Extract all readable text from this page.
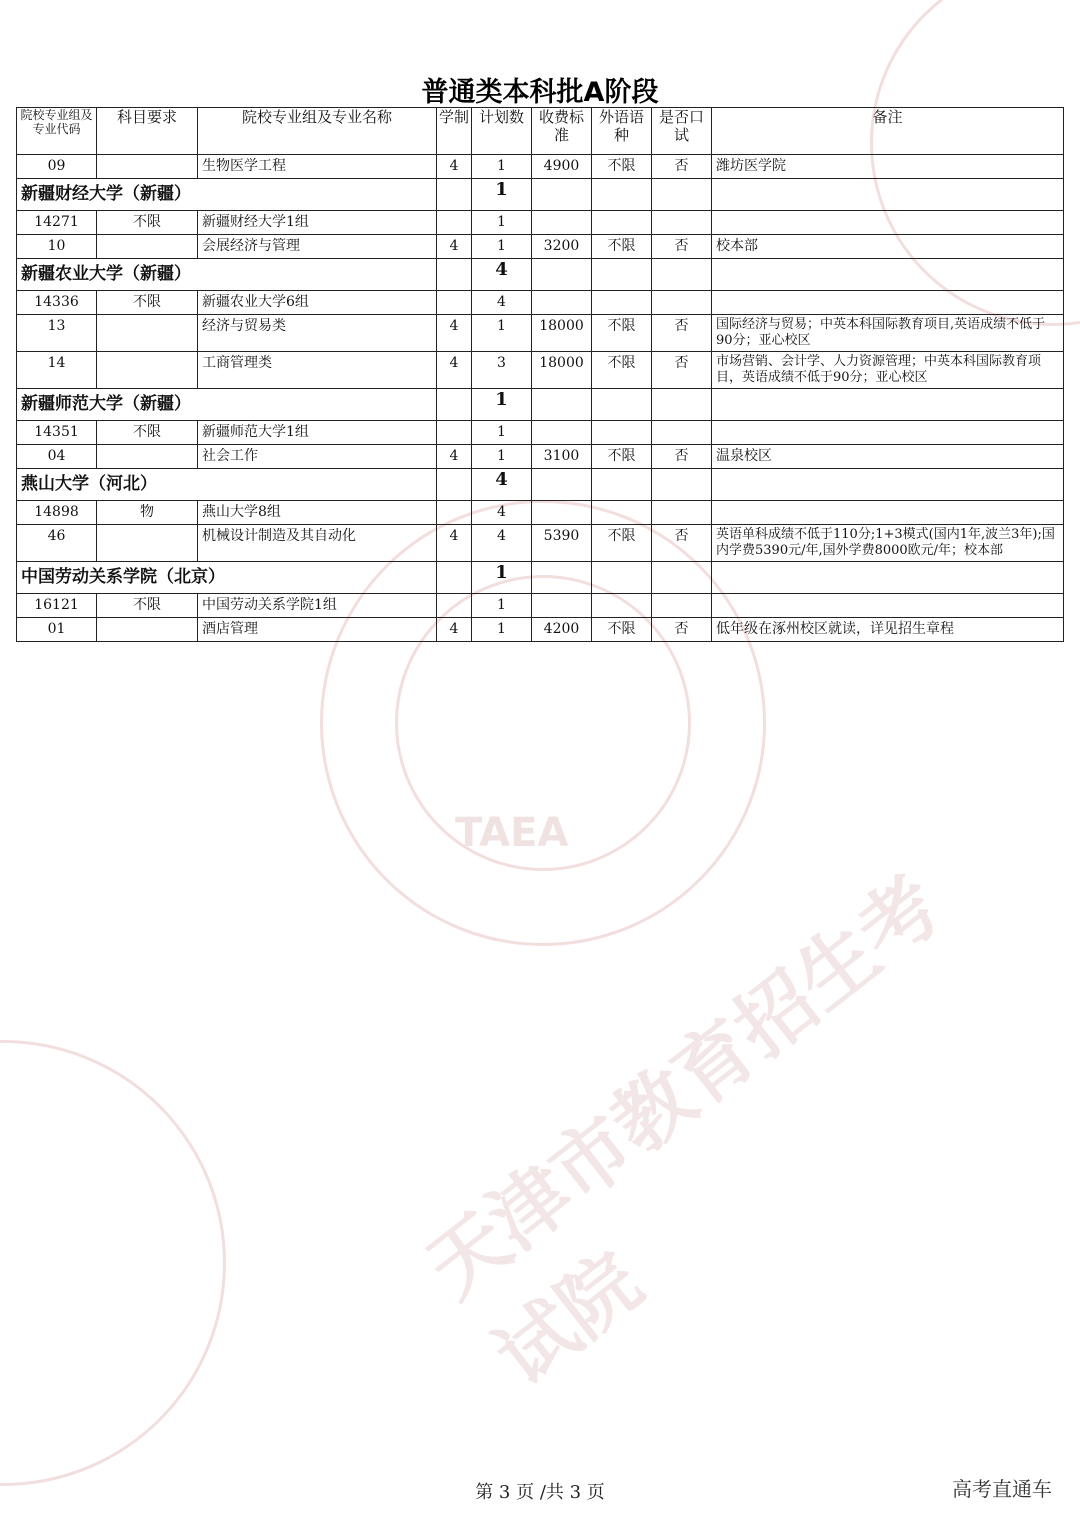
TAEA
天津市教育招生考试院
普通类本科批A阶段
院校专业组及专业代码	科目要求	院校专业组及专业名称	学制	计划数	收费标准	外语语种	是否口试	备注

09		生物医学工程	4	1	4900	不限	否	潍坊医学院

新疆财经大学（新疆）				1				

14271	不限	新疆财经大学1组		1				

10		会展经济与管理	4	1	3200	不限	否	校本部

新疆农业大学（新疆）				4				

14336	不限	新疆农业大学6组		4				

13		经济与贸易类	4	1	18000	不限	否	国际经济与贸易；中英本科国际教育项目,英语成绩不低于90分；亚心校区

14		工商管理类	4	3	18000	不限	否	市场营销、会计学、人力资源管理；中英本科国际教育项目，英语成绩不低于90分；亚心校区

新疆师范大学（新疆）				1				

14351	不限	新疆师范大学1组		1				

04		社会工作	4	1	3100	不限	否	温泉校区

燕山大学（河北）				4				

14898	物	燕山大学8组		4				

46		机械设计制造及其自动化	4	4	5390	不限	否	英语单科成绩不低于110分;1+3模式(国内1年,波兰3年);国内学费5390元/年,国外学费8000欧元/年；校本部

中国劳动关系学院（北京）				1				

16121	不限	中国劳动关系学院1组		1				

01		酒店管理	4	1	4200	不限	否	低年级在涿州校区就读，详见招生章程
第 3 页 /共 3 页	高考直通车
